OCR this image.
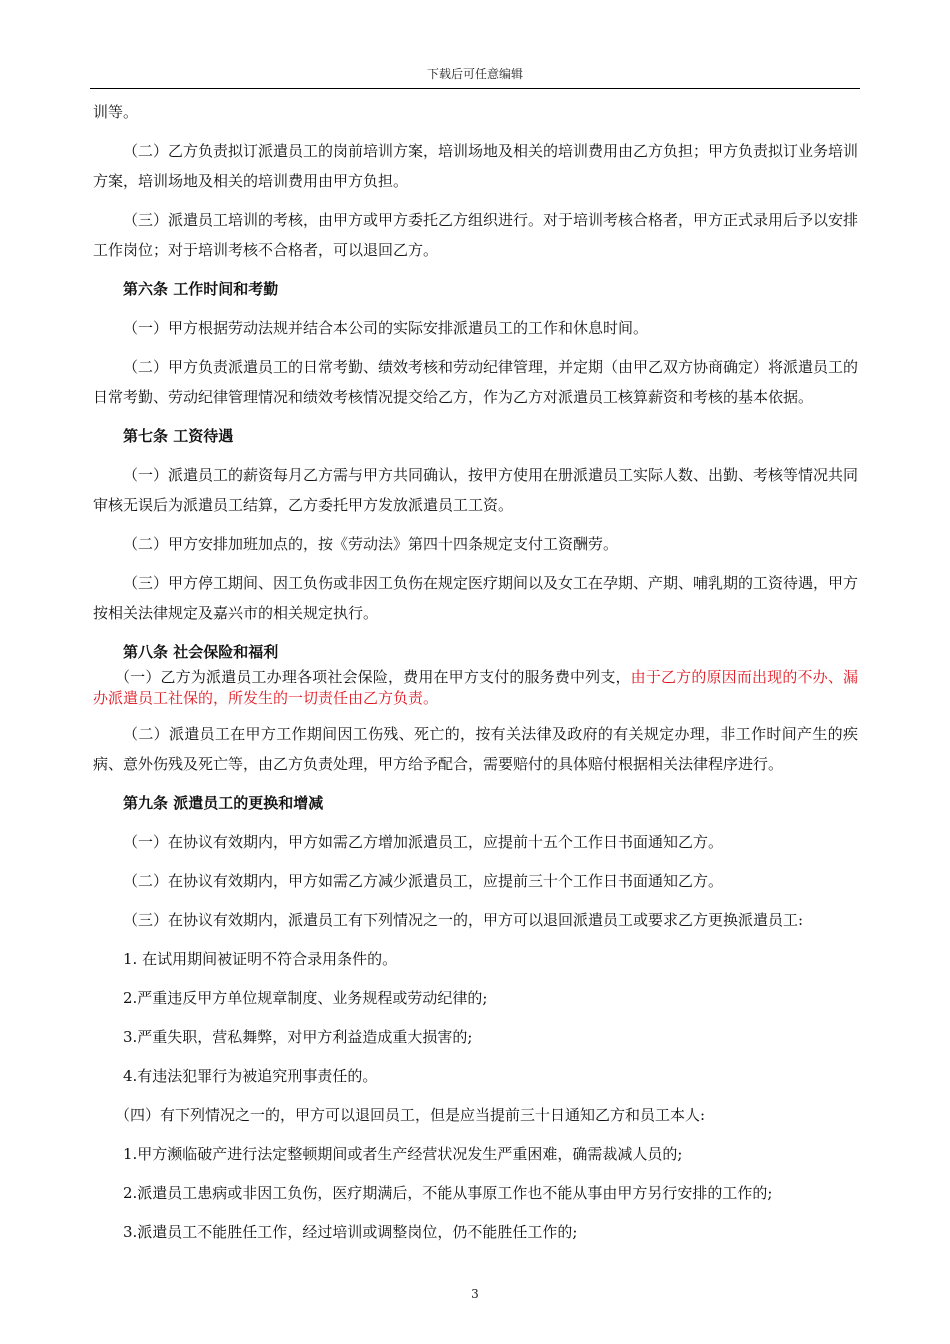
下载后可任意编辑

训等。

（二）乙方负责拟订派遣员工的岗前培训方案，培训场地及相关的培训费用由乙方负担；甲方负责拟订业务培训方案，培训场地及相关的培训费用由甲方负担。

（三）派遣员工培训的考核，由甲方或甲方委托乙方组织进行。对于培训考核合格者，甲方正式录用后予以安排工作岗位；对于培训考核不合格者，可以退回乙方。

第六条 工作时间和考勤

（一）甲方根据劳动法规并结合本公司的实际安排派遣员工的工作和休息时间。

（二）甲方负责派遣员工的日常考勤、绩效考核和劳动纪律管理，并定期（由甲乙双方协商确定）将派遣员工的日常考勤、劳动纪律管理情况和绩效考核情况提交给乙方，作为乙方对派遣员工核算薪资和考核的基本依据。

第七条 工资待遇

（一）派遣员工的薪资每月乙方需与甲方共同确认，按甲方使用在册派遣员工实际人数、出勤、考核等情况共同审核无误后为派遣员工结算，乙方委托甲方发放派遣员工工资。

（二）甲方安排加班加点的，按《劳动法》第四十四条规定支付工资酬劳。

（三）甲方停工期间、因工负伤或非因工负伤在规定医疗期间以及女工在孕期、产期、哺乳期的工资待遇，甲方按相关法律规定及嘉兴市的相关规定执行。

第八条 社会保险和福利

（一）乙方为派遣员工办理各项社会保险，费用在甲方支付的服务费中列支，由于乙方的原因而出现的不办、漏办派遣员工社保的，所发生的一切责任由乙方负责。

（二）派遣员工在甲方工作期间因工伤残、死亡的，按有关法律及政府的有关规定办理，非工作时间产生的疾病、意外伤残及死亡等，由乙方负责处理，甲方给予配合，需要赔付的具体赔付根据相关法律程序进行。

第九条 派遣员工的更换和增减

（一）在协议有效期内，甲方如需乙方增加派遣员工，应提前十五个工作日书面通知乙方。

（二）在协议有效期内，甲方如需乙方减少派遣员工，应提前三十个工作日书面通知乙方。

（三）在协议有效期内，派遣员工有下列情况之一的，甲方可以退回派遣员工或要求乙方更换派遣员工:

1. 在试用期间被证明不符合录用条件的。

2.严重违反甲方单位规章制度、业务规程或劳动纪律的;

3.严重失职，营私舞弊，对甲方利益造成重大损害的;

4.有违法犯罪行为被追究刑事责任的。

（四）有下列情况之一的，甲方可以退回员工，但是应当提前三十日通知乙方和员工本人:

1.甲方濒临破产进行法定整顿期间或者生产经营状况发生严重困难，确需裁减人员的;

2.派遣员工患病或非因工负伤，医疗期满后，不能从事原工作也不能从事由甲方另行安排的工作的;

3.派遣员工不能胜任工作，经过培训或调整岗位，仍不能胜任工作的;

3
